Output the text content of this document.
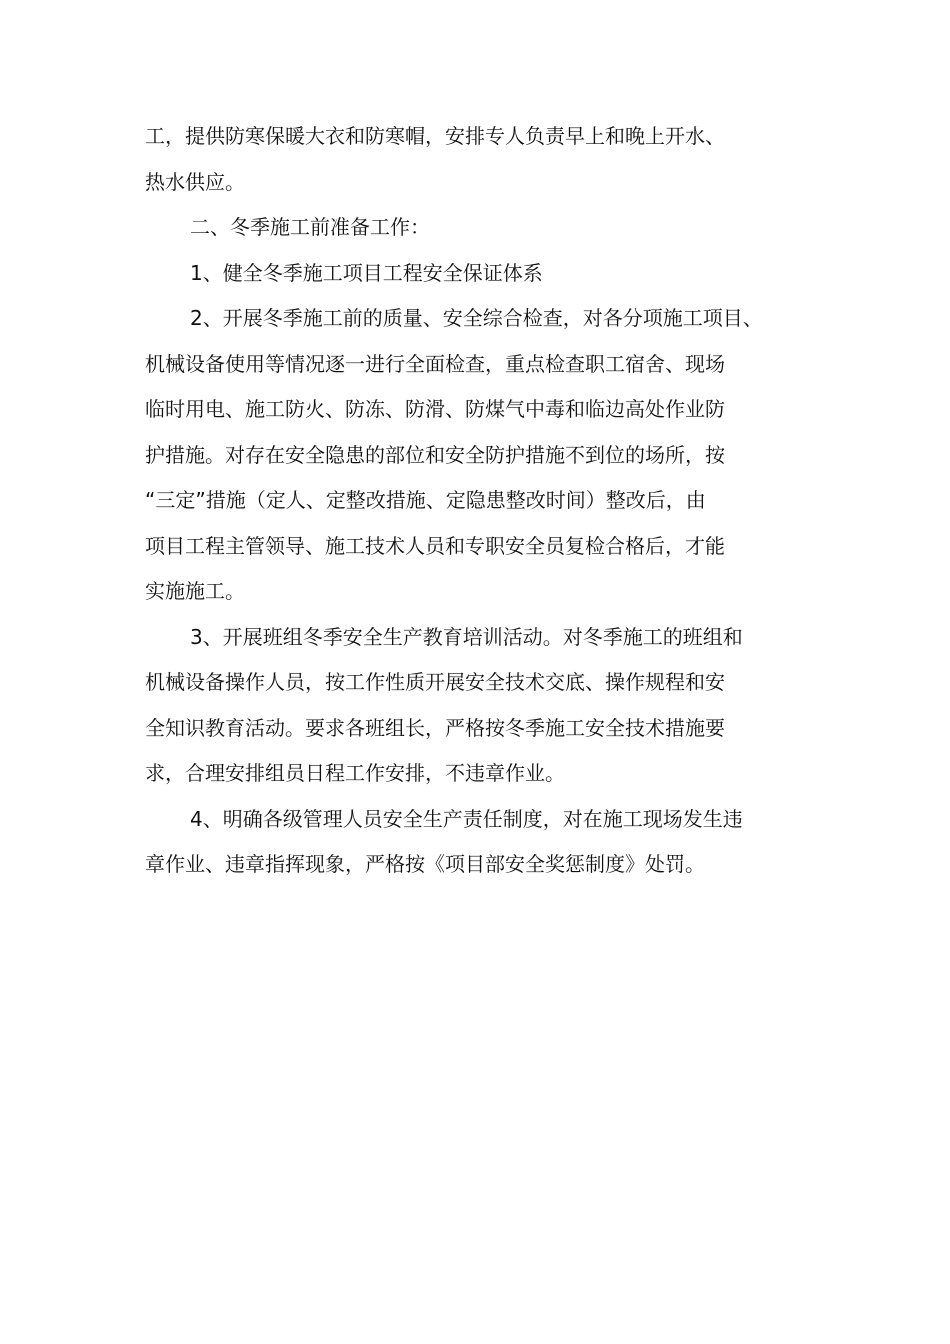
工，提供防寒保暖大衣和防寒帽，安排专人负责早上和晚上开水、
热水供应。
二、冬季施工前准备工作：
1、健全冬季施工项目工程安全保证体系
2、开展冬季施工前的质量、安全综合检查，对各分项施工项目、
机械设备使用等情况逐一进行全面检查，重点检查职工宿舍、现场
临时用电、施工防火、防冻、防滑、防煤气中毒和临边高处作业防
护措施。对存在安全隐患的部位和安全防护措施不到位的场所，按
“三定”措施（定人、定整改措施、定隐患整改时间）整改后，由
项目工程主管领导、施工技术人员和专职安全员复检合格后，才能
实施施工。
3、开展班组冬季安全生产教育培训活动。对冬季施工的班组和
机械设备操作人员，按工作性质开展安全技术交底、操作规程和安
全知识教育活动。要求各班组长，严格按冬季施工安全技术措施要
求，合理安排组员日程工作安排，不违章作业。
4、明确各级管理人员安全生产责任制度，对在施工现场发生违
章作业、违章指挥现象，严格按《项目部安全奖惩制度》处罚。
